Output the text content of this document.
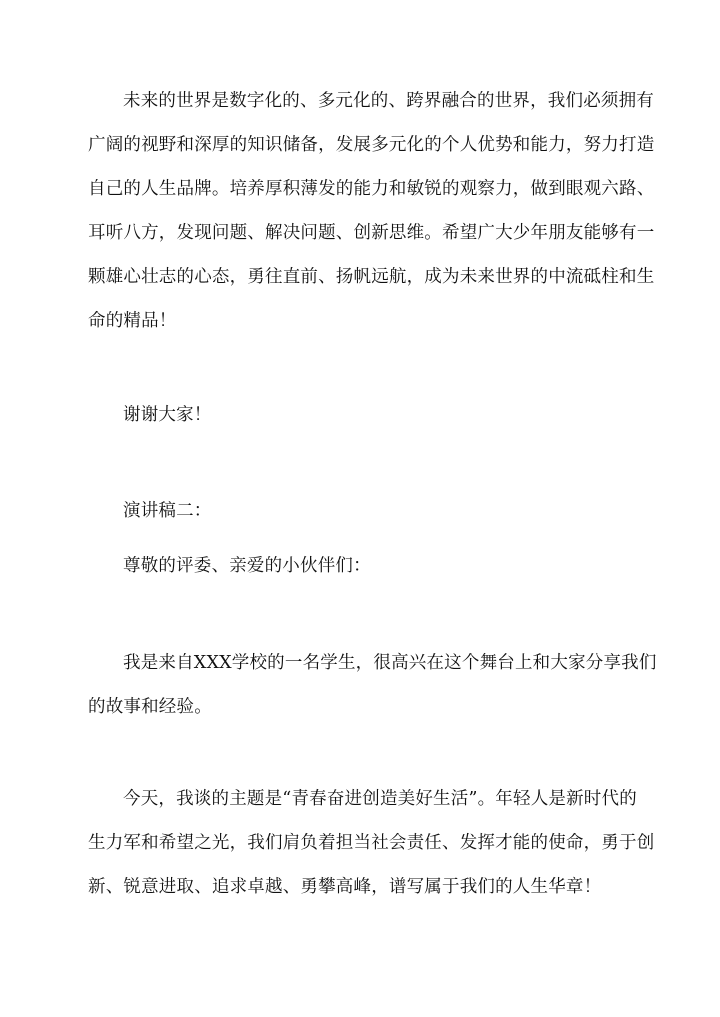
未来的世界是数字化的、多元化的、跨界融合的世界，我们必须拥有
广阔的视野和深厚的知识储备，发展多元化的个人优势和能力，努力打造
自己的人生品牌。培养厚积薄发的能力和敏锐的观察力，做到眼观六路、
耳听八方，发现问题、解决问题、创新思维。希望广大少年朋友能够有一
颗雄心壮志的心态，勇往直前、扬帆远航，成为未来世界的中流砥柱和生
命的精品！
谢谢大家！
演讲稿二：
尊敬的评委、亲爱的小伙伴们：
我是来自XXX学校的一名学生，很高兴在这个舞台上和大家分享我们
的故事和经验。
今天，我谈的主题是“青春奋进创造美好生活”。年轻人是新时代的
生力军和希望之光，我们肩负着担当社会责任、发挥才能的使命，勇于创
新、锐意进取、追求卓越、勇攀高峰，谱写属于我们的人生华章！
